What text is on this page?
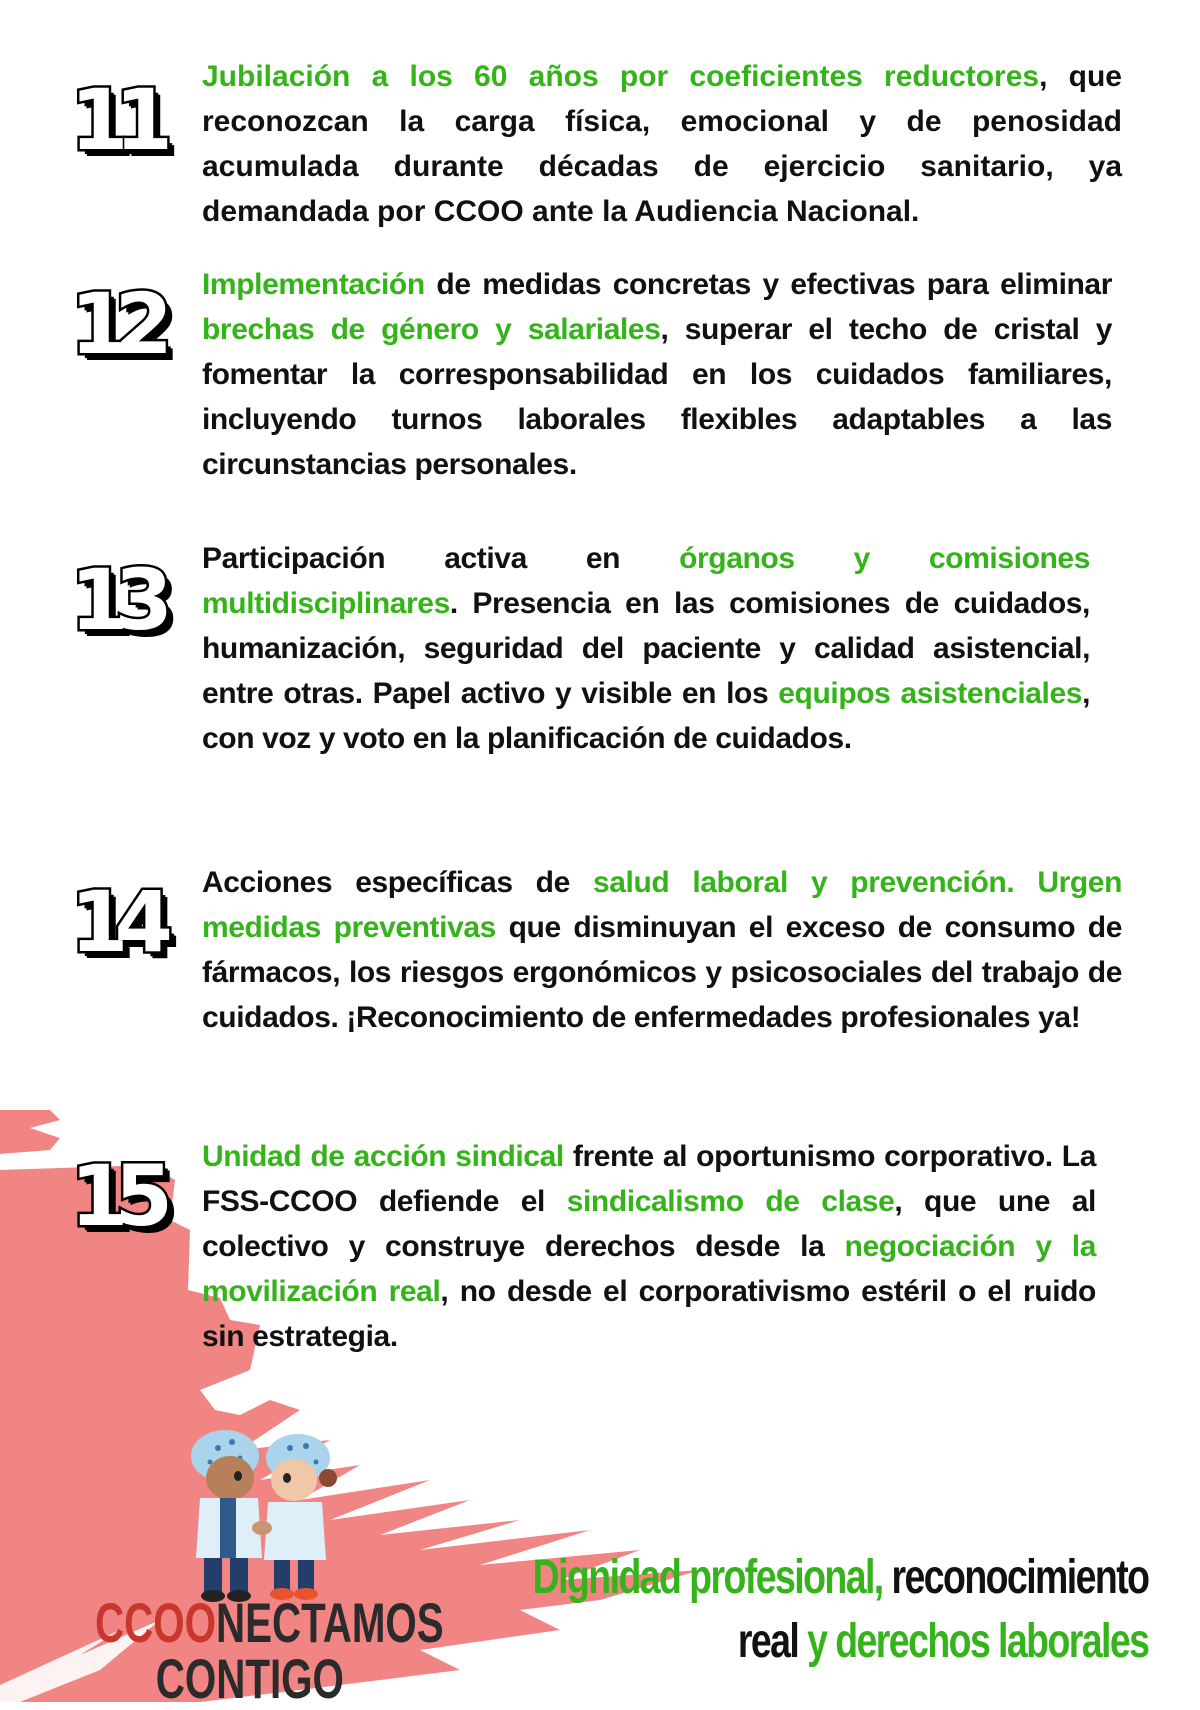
11 Jubilación a los 60 años por coeficientes reductores, que reconozcan la carga física, emocional y de penosidad acumulada durante décadas de ejercicio sanitario, ya demandada por CCOO ante la Audiencia Nacional.

12 Implementación de medidas concretas y efectivas para eliminar brechas de género y salariales, superar el techo de cristal y fomentar la corresponsabilidad en los cuidados familiares, incluyendo turnos laborales flexibles adaptables a las circunstancias personales.

13 Participación activa en órganos y comisiones multidisciplinares. Presencia en las comisiones de cuidados, humanización, seguridad del paciente y calidad asistencial, entre otras. Papel activo y visible en los equipos asistenciales, con voz y voto en la planificación de cuidados.

14 Acciones específicas de salud laboral y prevención. Urgen medidas preventivas que disminuyan el exceso de consumo de fármacos, los riesgos ergonómicos y psicosociales del trabajo de cuidados. ¡Reconocimiento de enfermedades profesionales ya!

15 Unidad de acción sindical frente al oportunismo corporativo. La FSS-CCOO defiende el sindicalismo de clase, que une al colectivo y construye derechos desde la negociación y la movilización real, no desde el corporativismo estéril o el ruido sin estrategia.

CCOONECTAMOS
CONTIGO
Dignidad profesional, reconocimiento
real y derechos laborales
